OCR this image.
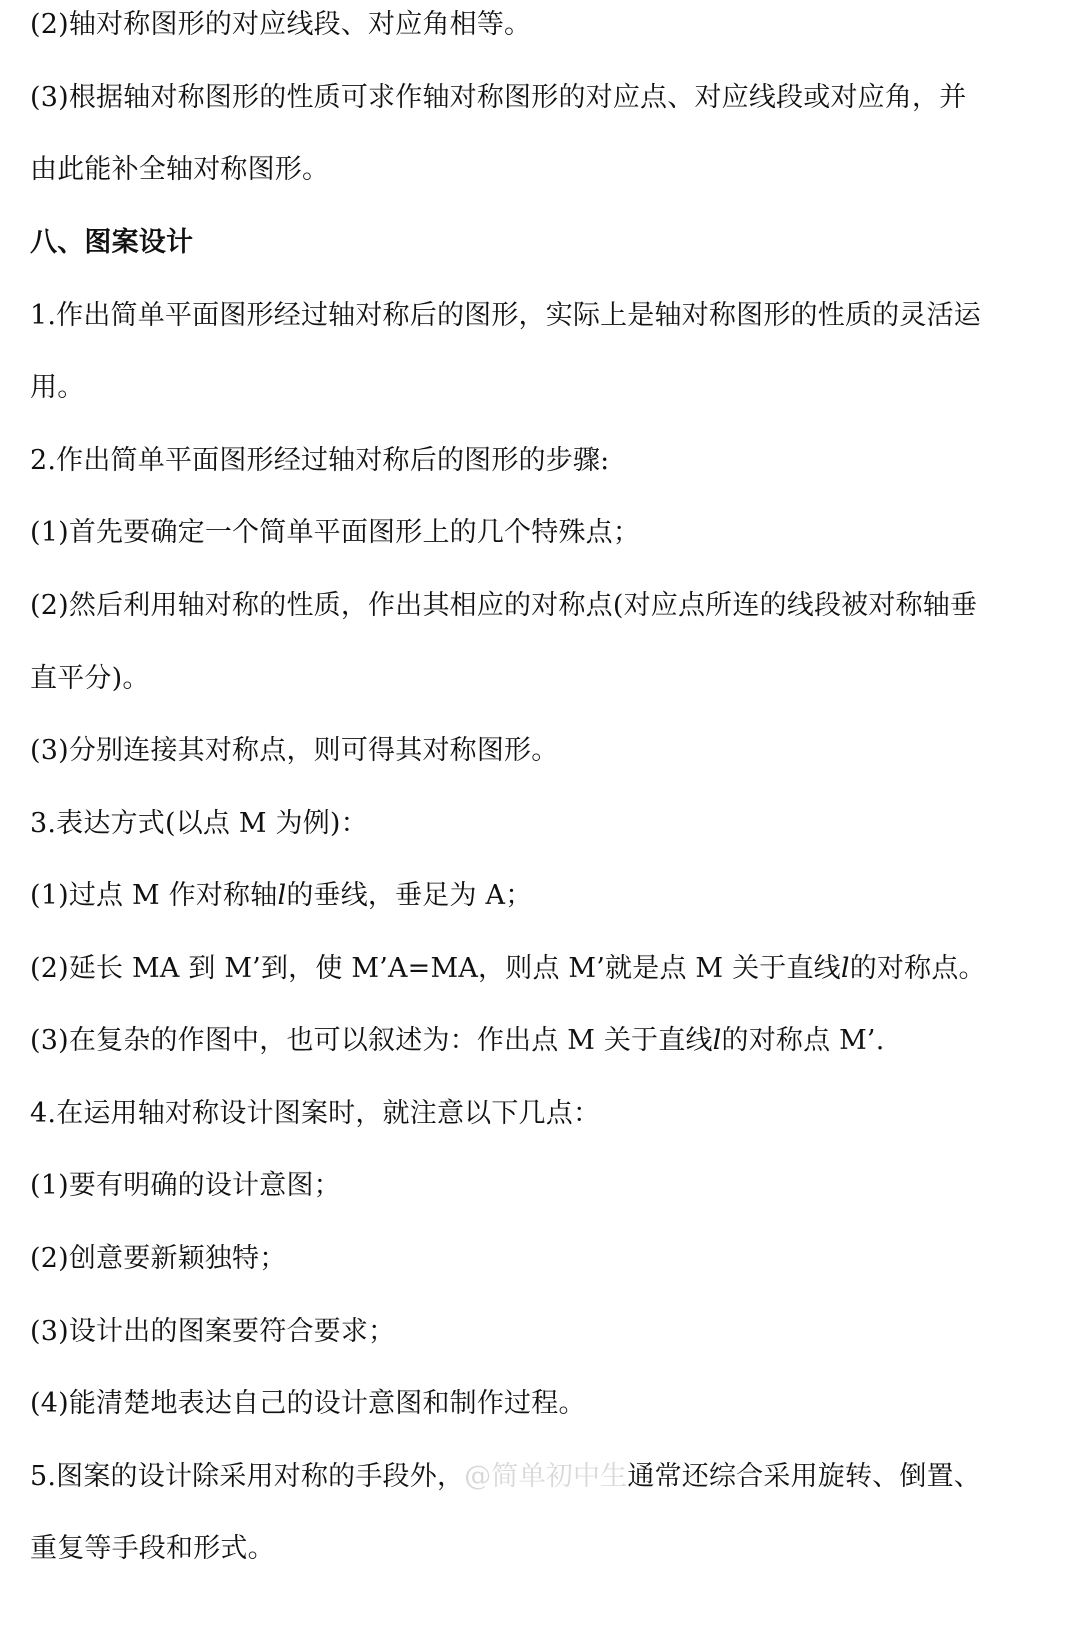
(2)轴对称图形的对应线段、对应角相等。
(3)根据轴对称图形的性质可求作轴对称图形的对应点、对应线段或对应角，并
由此能补全轴对称图形。
八、图案设计
1.作出简单平面图形经过轴对称后的图形，实际上是轴对称图形的性质的灵活运
用。
2.作出简单平面图形经过轴对称后的图形的步骤:
(1)首先要确定一个简单平面图形上的几个特殊点；
(2)然后利用轴对称的性质，作出其相应的对称点(对应点所连的线段被对称轴垂
直平分)。
(3)分别连接其对称点，则可得其对称图形。
3.表达方式(以点 M 为例)：
(1)过点 M 作对称轴l的垂线，垂足为 A；
(2)延长 MA 到 M’到，使 M’A=MA，则点 M’就是点 M 关于直线l的对称点。
(3)在复杂的作图中，也可以叙述为：作出点 M 关于直线l的对称点 M’.
4.在运用轴对称设计图案时，就注意以下几点：
(1)要有明确的设计意图；
(2)创意要新颖独特；
(3)设计出的图案要符合要求；
(4)能清楚地表达自己的设计意图和制作过程。
5.图案的设计除采用对称的手段外，@简单初中生通常还综合采用旋转、倒置、
重复等手段和形式。
